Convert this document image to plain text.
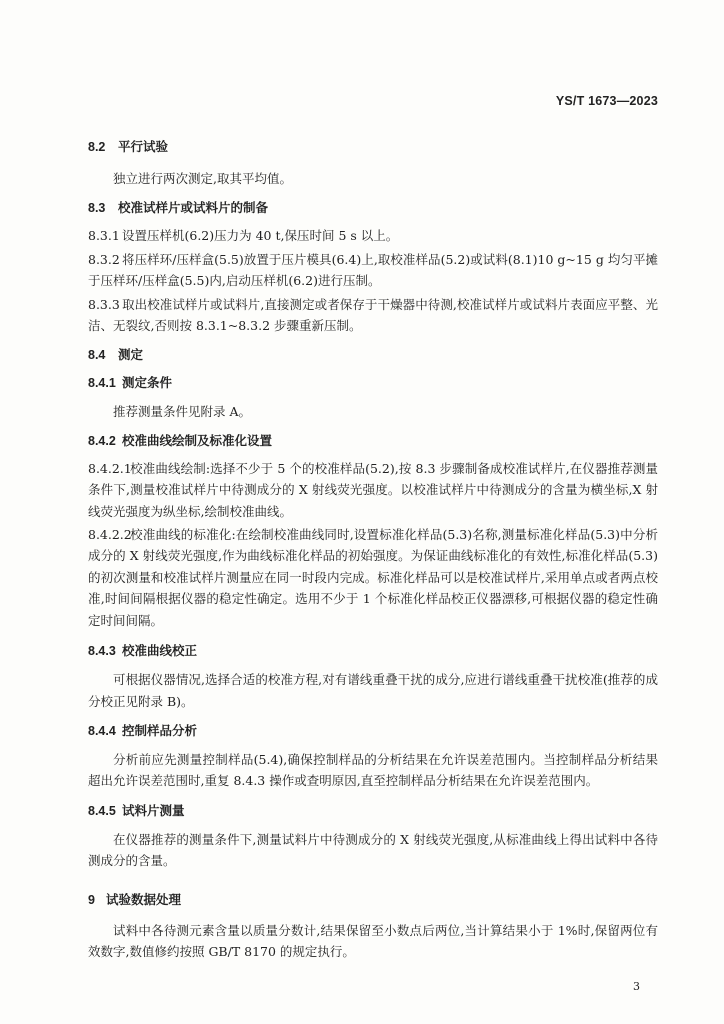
YS/T 1673—2023
8.2 平行试验
独立进行两次测定,取其平均值。
8.3 校准试样片或试料片的制备
8.3.1 设置压样机(6.2)压力为 40 t,保压时间 5 s 以上。
8.3.2 将压样环/压样盒(5.5)放置于压片模具(6.4)上,取校准样品(5.2)或试料(8.1)10 g~15 g 均匀平摊于压样环/压样盒(5.5)内,启动压样机(6.2)进行压制。
8.3.3 取出校准试样片或试料片,直接测定或者保存于干燥器中待测,校准试样片或试料片表面应平整、光洁、无裂纹,否则按 8.3.1~8.3.2 步骤重新压制。
8.4 测定
8.4.1 测定条件
推荐测量条件见附录 A。
8.4.2 校准曲线绘制及标准化设置
8.4.2.1校准曲线绘制:选择不少于 5 个的校准样品(5.2),按 8.3 步骤制备成校准试样片,在仪器推荐测量条件下,测量校准试样片中待测成分的 X 射线荧光强度。以校准试样片中待测成分的含量为横坐标,X 射线荧光强度为纵坐标,绘制校准曲线。
8.4.2.2校准曲线的标准化:在绘制校准曲线同时,设置标准化样品(5.3)名称,测量标准化样品(5.3)中分析成分的 X 射线荧光强度,作为曲线标准化样品的初始强度。为保证曲线标准化的有效性,标准化样品(5.3)的初次测量和校准试样片测量应在同一时段内完成。标准化样品可以是校准试样片,采用单点或者两点校准,时间间隔根据仪器的稳定性确定。选用不少于 1 个标准化样品校正仪器漂移,可根据仪器的稳定性确定时间间隔。
8.4.3 校准曲线校正
可根据仪器情况,选择合适的校准方程,对有谱线重叠干扰的成分,应进行谱线重叠干扰校准(推荐的成分校正见附录 B)。
8.4.4 控制样品分析
分析前应先测量控制样品(5.4),确保控制样品的分析结果在允许误差范围内。当控制样品分析结果超出允许误差范围时,重复 8.4.3 操作或查明原因,直至控制样品分析结果在允许误差范围内。
8.4.5 试料片测量
在仪器推荐的测量条件下,测量试料片中待测成分的 X 射线荧光强度,从标准曲线上得出试料中各待测成分的含量。
9 试验数据处理
试料中各待测元素含量以质量分数计,结果保留至小数点后两位,当计算结果小于 1%时,保留两位有效数字,数值修约按照 GB/T 8170 的规定执行。
3
